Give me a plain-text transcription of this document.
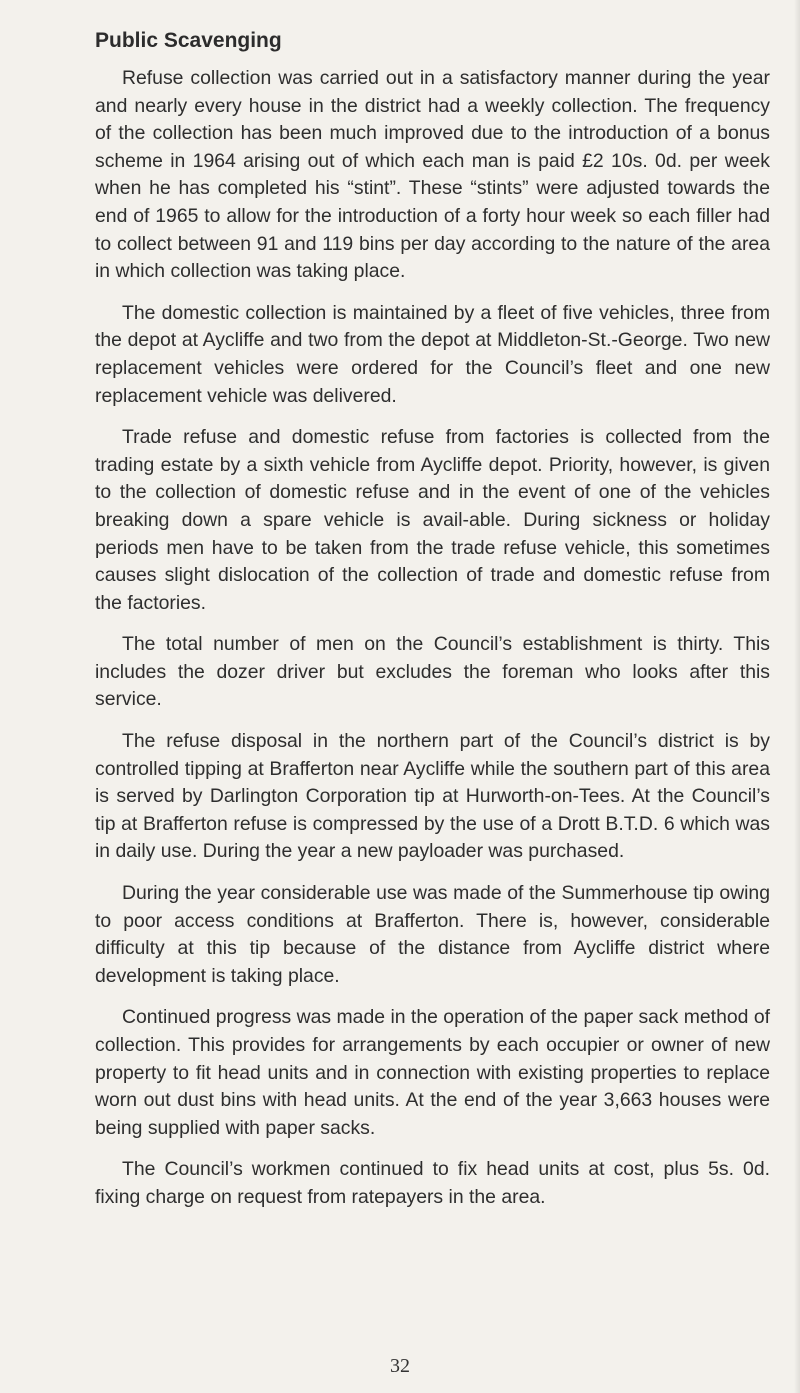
Public Scavenging

Refuse collection was carried out in a satisfactory manner during the year and nearly every house in the district had a weekly collection. The frequency of the collection has been much improved due to the introduction of a bonus scheme in 1964 arising out of which each man is paid £2 10s. 0d. per week when he has completed his “stint”. These “stints” were adjusted towards the end of 1965 to allow for the introduction of a forty hour week so each filler had to collect between 91 and 119 bins per day according to the nature of the area in which collection was taking place.

The domestic collection is maintained by a fleet of five vehicles, three from the depot at Aycliffe and two from the depot at Middleton-St.-George. Two new replacement vehicles were ordered for the Council’s fleet and one new replacement vehicle was delivered.

Trade refuse and domestic refuse from factories is collected from the trading estate by a sixth vehicle from Aycliffe depot. Priority, however, is given to the collection of domestic refuse and in the event of one of the vehicles breaking down a spare vehicle is avail-able. During sickness or holiday periods men have to be taken from the trade refuse vehicle, this sometimes causes slight dislocation of the collection of trade and domestic refuse from the factories.

The total number of men on the Council’s establishment is thirty. This includes the dozer driver but excludes the foreman who looks after this service.

The refuse disposal in the northern part of the Council’s district is by controlled tipping at Brafferton near Aycliffe while the southern part of this area is served by Darlington Corporation tip at Hurworth-on-Tees. At the Council’s tip at Brafferton refuse is compressed by the use of a Drott B.T.D. 6 which was in daily use. During the year a new payloader was purchased.

During the year considerable use was made of the Summerhouse tip owing to poor access conditions at Brafferton. There is, however, considerable difficulty at this tip because of the distance from Aycliffe district where development is taking place.

Continued progress was made in the operation of the paper sack method of collection. This provides for arrangements by each occupier or owner of new property to fit head units and in connection with existing properties to replace worn out dust bins with head units. At the end of the year 3,663 houses were being supplied with paper sacks.

The Council’s workmen continued to fix head units at cost, plus 5s. 0d. fixing charge on request from ratepayers in the area.

32
